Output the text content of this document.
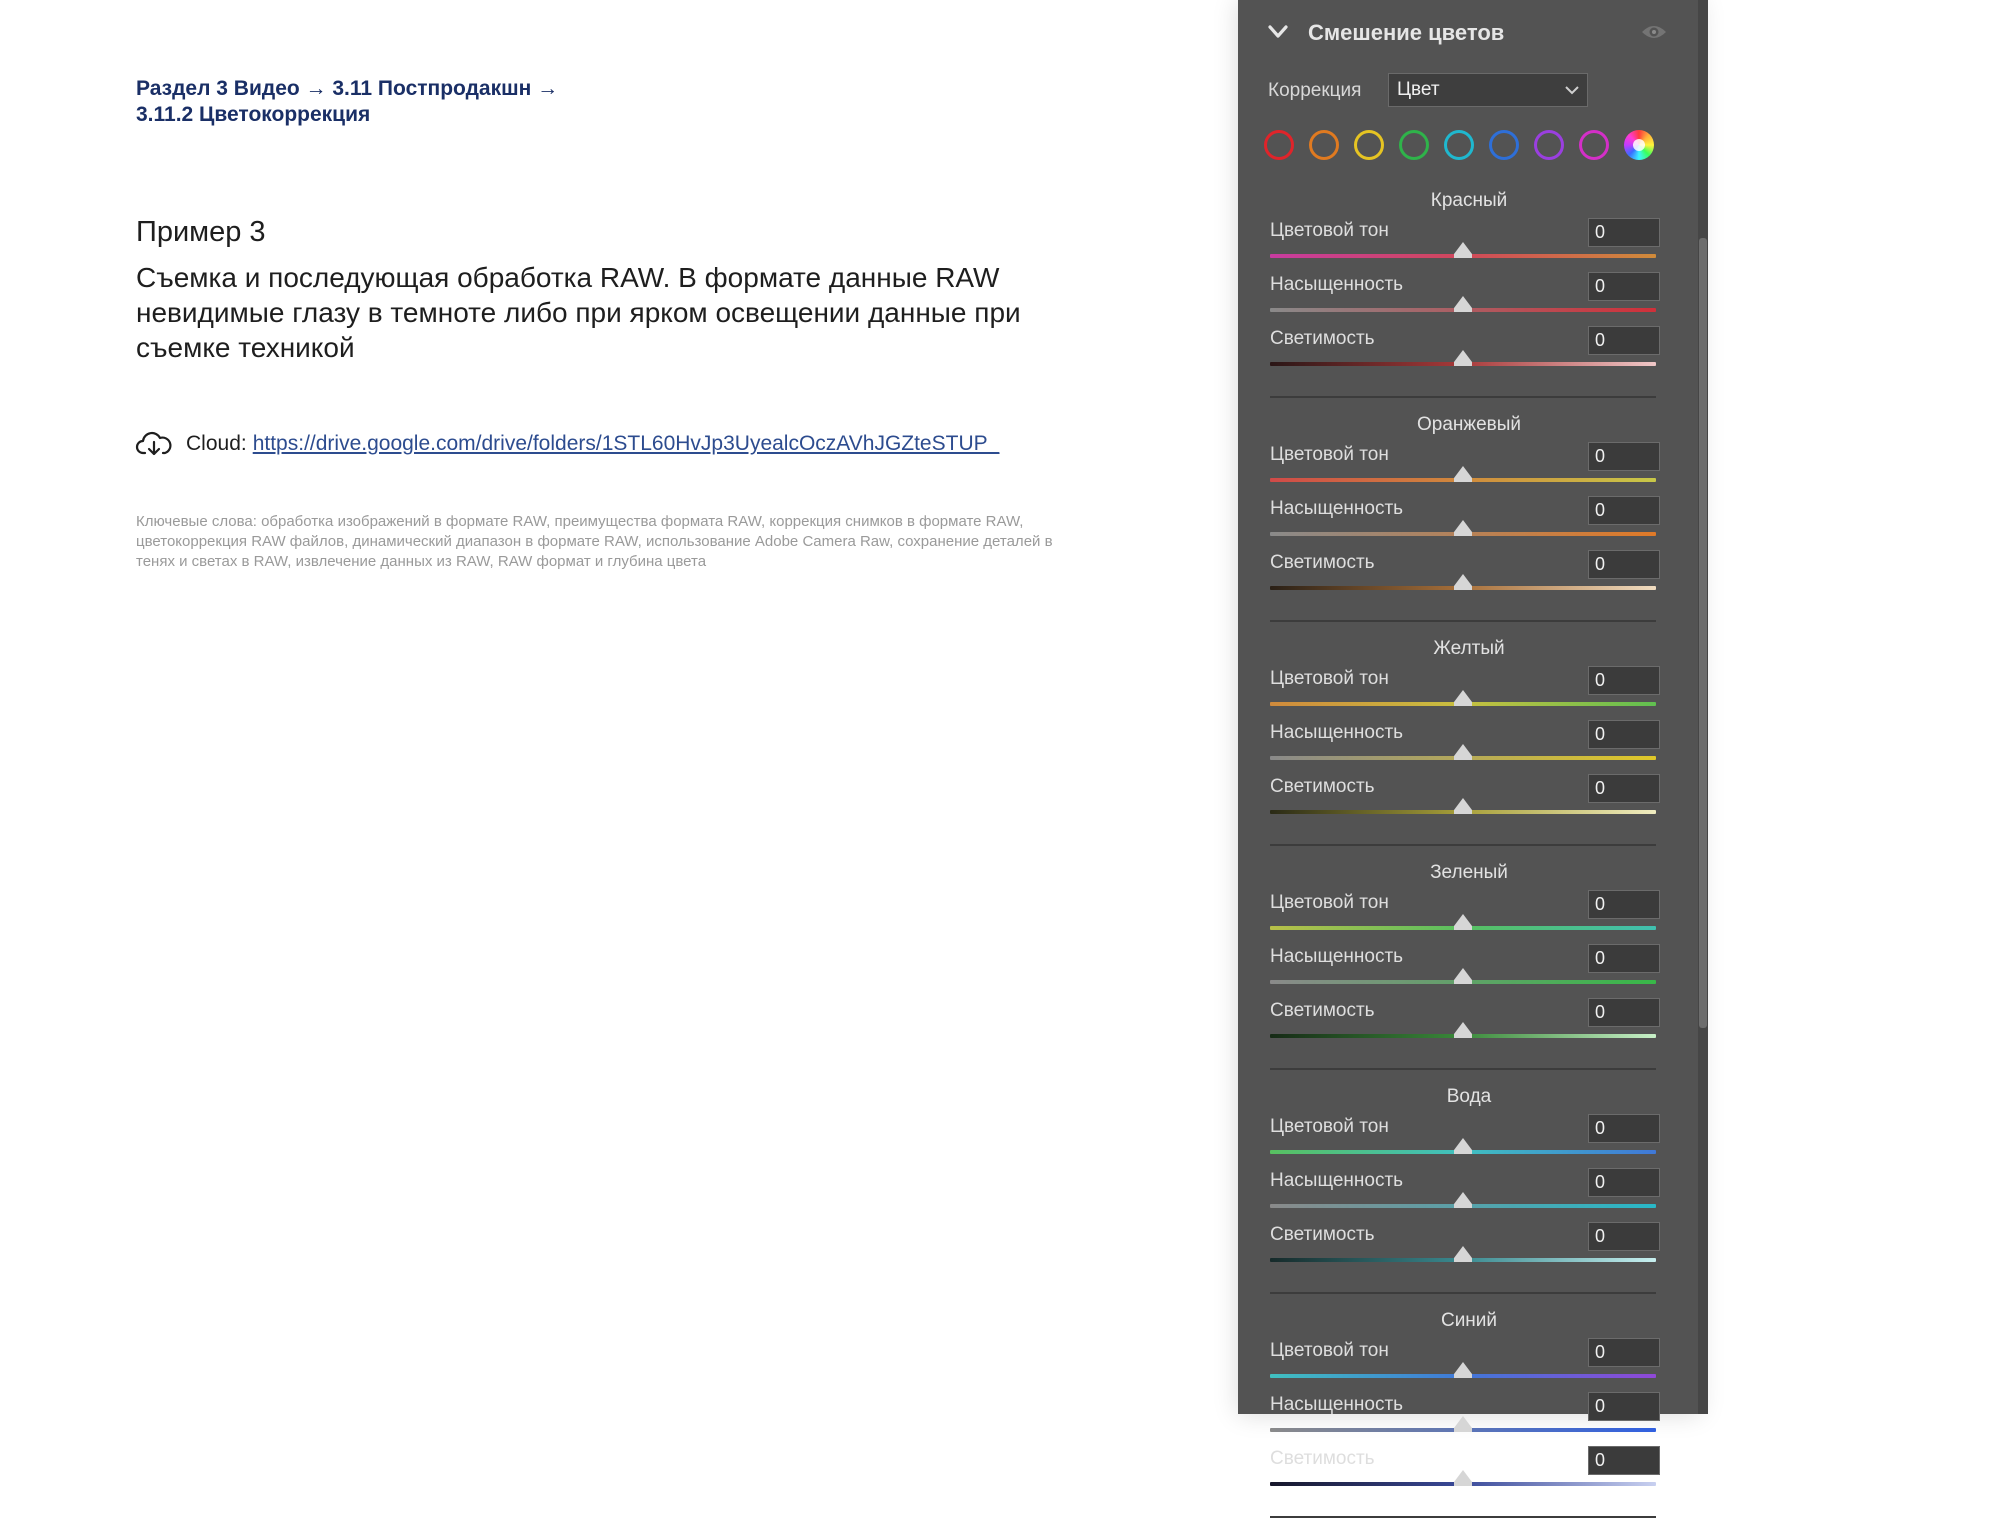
Раздел 3 Видео → 3.11 Постпродакшн →
3.11.2 Цветокоррекция
Пример 3
Съемка и последующая обработка RAW. В формате данные RAW невидимые глазу в темноте либо при ярком освещении данные при съемке техникой
Cloud: https://drive.google.com/drive/folders/1STL60HvJp3UyealcOczAVhJGZteSTUP_
Ключевые слова: обработка изображений в формате RAW, преимущества формата RAW, коррекция снимков в формате RAW, цветокоррекция RAW файлов, динамический диапазон в формате RAW, использование Adobe Camera Raw, сохранение деталей в тенях и светах в RAW, извлечение данных из RAW, RAW формат и глубина цвета
Смешение цветов
Коррекция	Цвет
Красный
Цветовой тон	0
Насыщенность	0
Светимость	0
Оранжевый
Цветовой тон	0
Насыщенность	0
Светимость	0
Желтый
Цветовой тон	0
Насыщенность	0
Светимость	0
Зеленый
Цветовой тон	0
Насыщенность	0
Светимость	0
Вода
Цветовой тон	0
Насыщенность	0
Светимость	0
Синий
Цветовой тон	0
Насыщенность	0
Светимость	0
